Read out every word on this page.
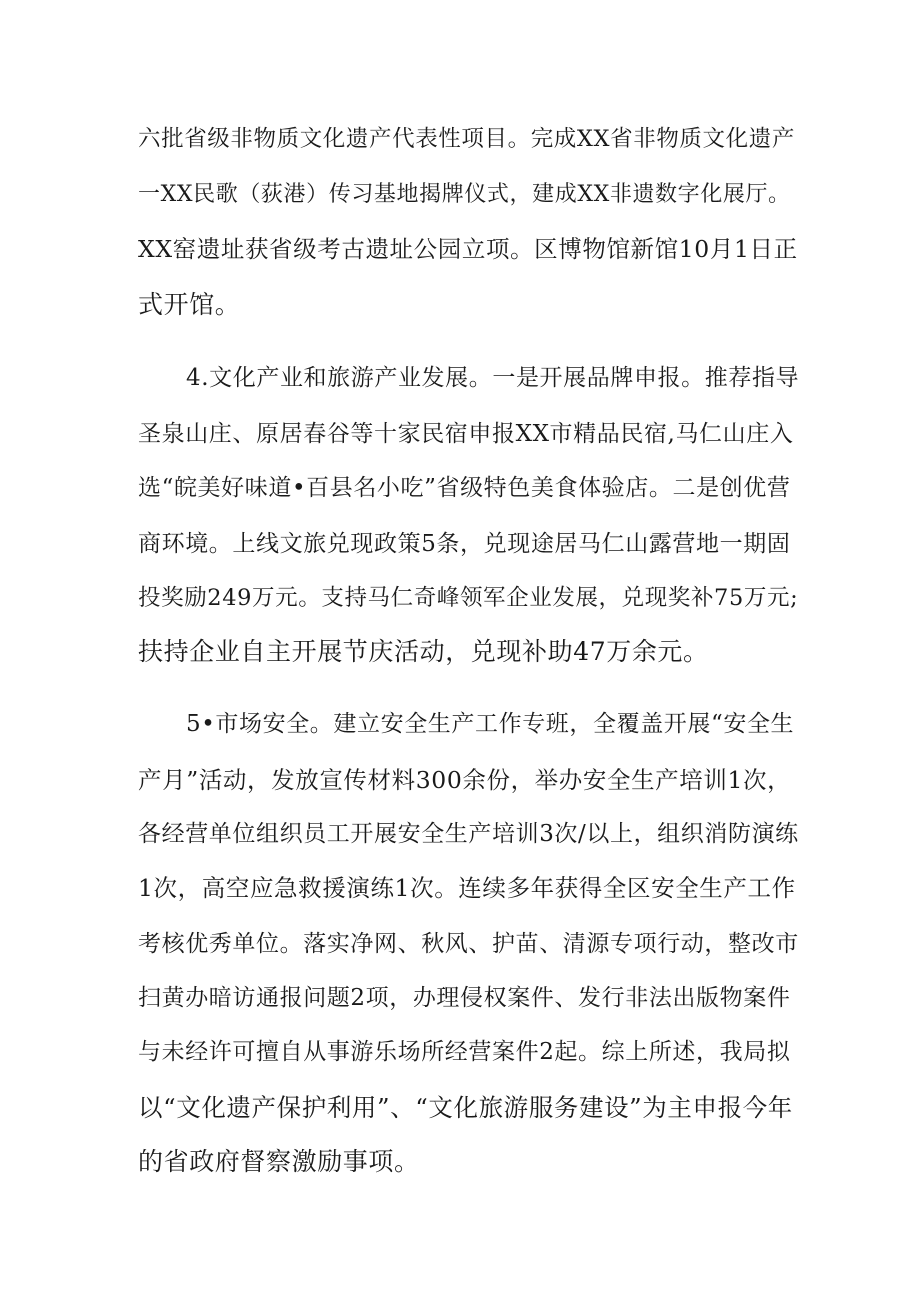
六批省级非物质文化遗产代表性项目。完成XX省非物质文化遗产
一XX民歌（荻港）传习基地揭牌仪式，建成XX非遗数字化展厅。
XX窑遗址获省级考古遗址公园立项。区博物馆新馆10月1日正
式开馆。
4.文化产业和旅游产业发展。一是开展品牌申报。推荐指导
圣泉山庄、原居春谷等十家民宿申报XX市精品民宿,马仁山庄入
选“皖美好味道•百县名小吃”省级特色美食体验店。二是创优营
商环境。上线文旅兑现政策5条，兑现途居马仁山露营地一期固
投奖励249万元。支持马仁奇峰领军企业发展，兑现奖补75万元;
扶持企业自主开展节庆活动，兑现补助47万余元。
5•市场安全。建立安全生产工作专班，全覆盖开展“安全生
产月”活动，发放宣传材料300余份，举办安全生产培训1次，
各经营单位组织员工开展安全生产培训3次/以上，组织消防演练
1次，高空应急救援演练1次。连续多年获得全区安全生产工作
考核优秀单位。落实净网、秋风、护苗、清源专项行动，整改市
扫黄办暗访通报问题2项，办理侵权案件、发行非法出版物案件
与未经许可擅自从事游乐场所经营案件2起。综上所述，我局拟
以“文化遗产保护利用”、“文化旅游服务建设”为主申报今年
的省政府督察激励事项。
